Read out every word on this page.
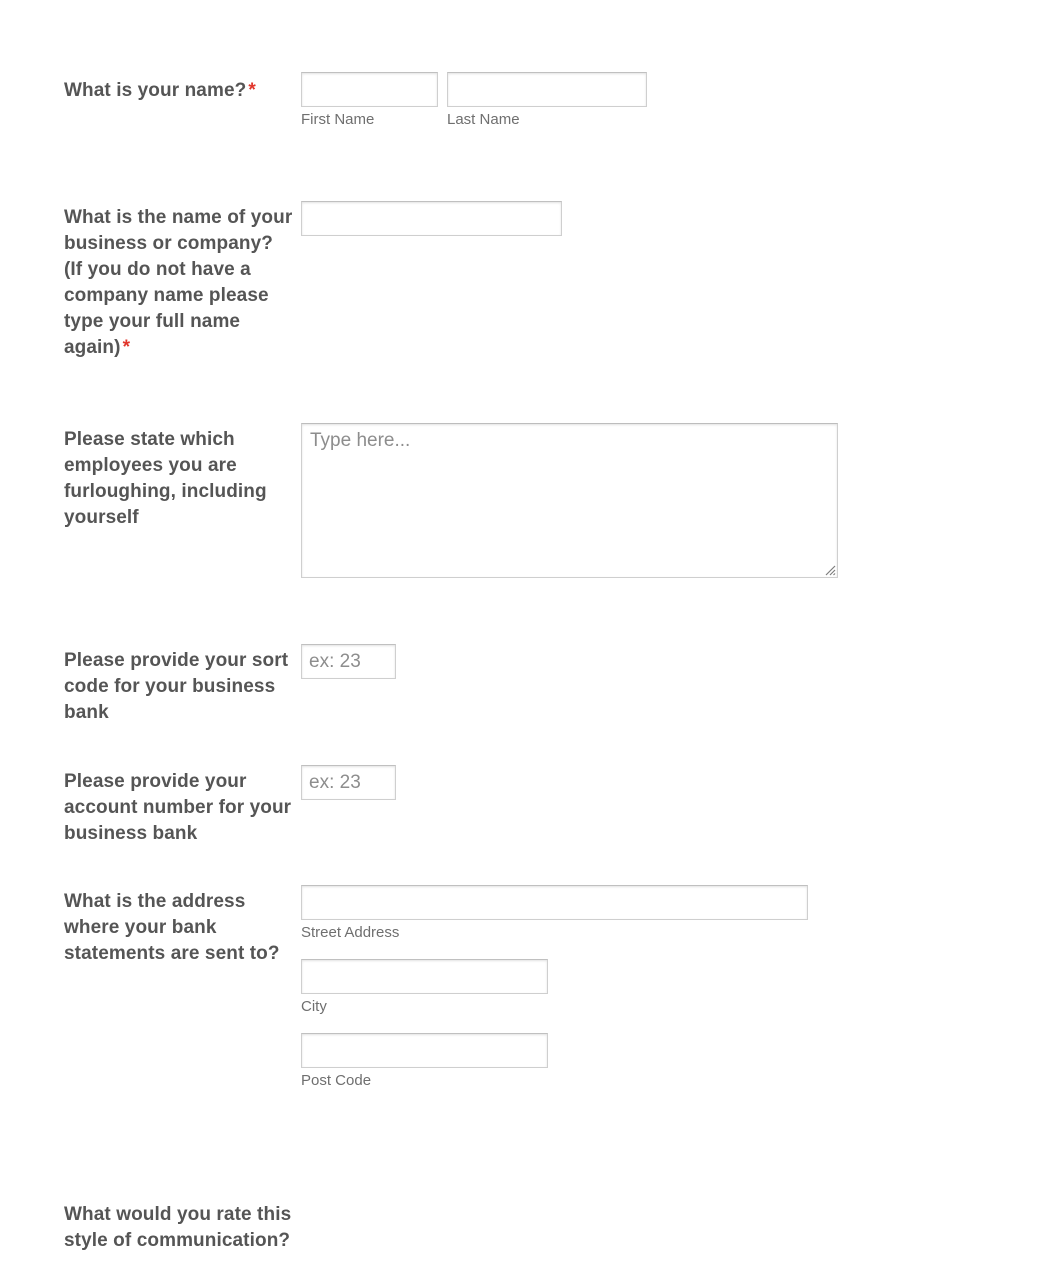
What is your name? *
First Name	Last Name
What is the name of your business or company? (If you do not have a company name please type your full name again) *
Please state which employees you are furloughing, including yourself
Type here...
Please provide your sort code for your business bank
ex: 23
Please provide your account number for your business bank
ex: 23
What is the address where your bank statements are sent to?
Street Address
City
Post Code
What would you rate this style of communication?
